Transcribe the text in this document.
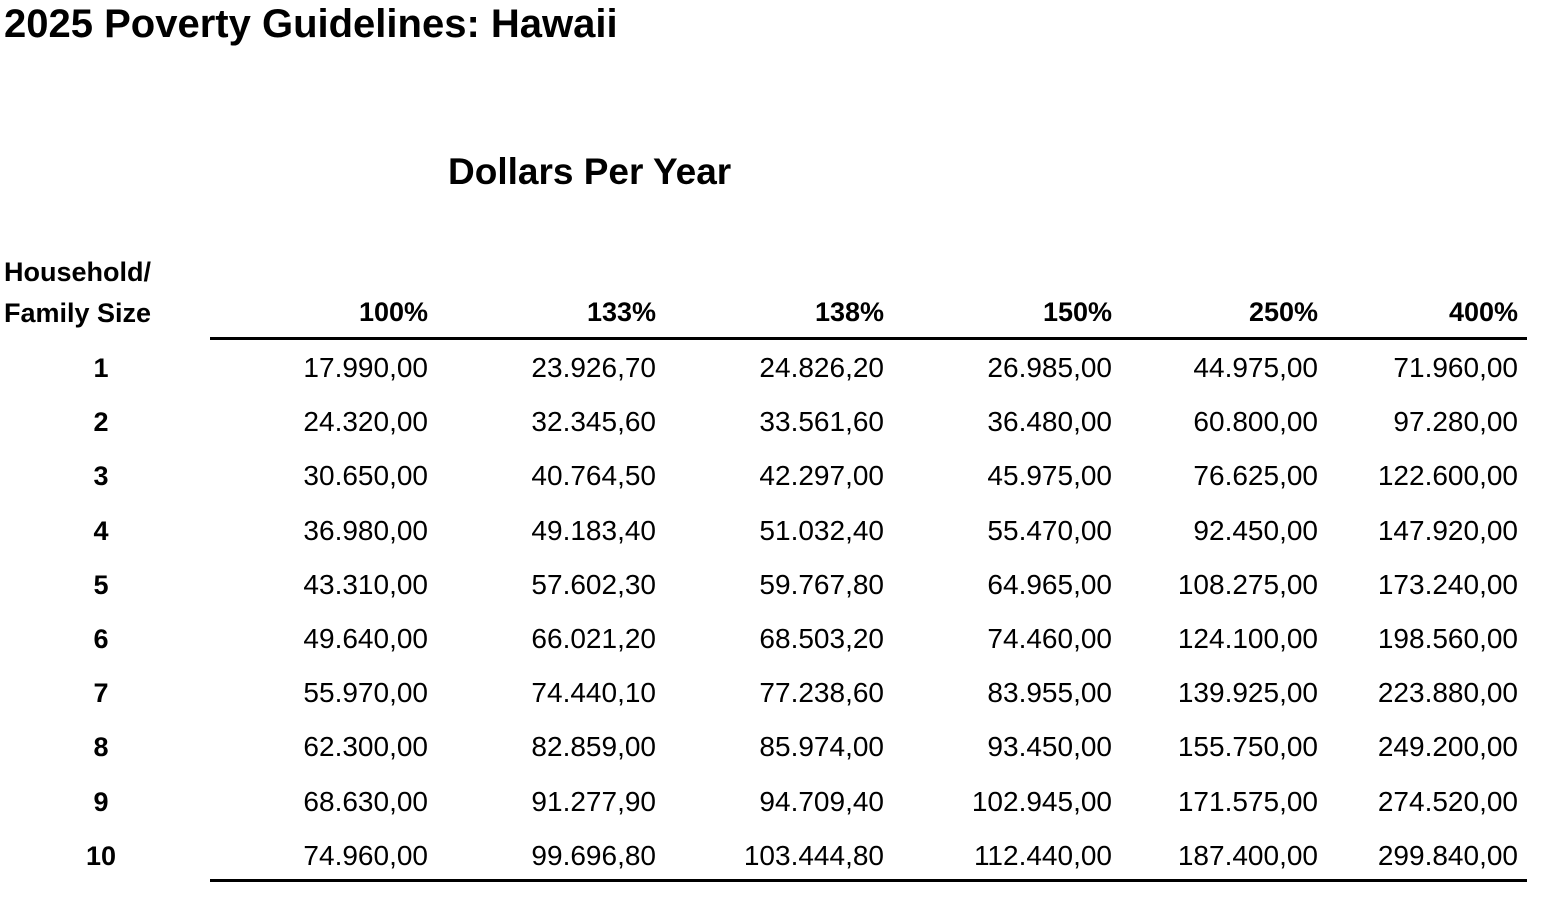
2025 Poverty Guidelines: Hawaii
Dollars Per Year
Household/
Family Size	100%	133%	138%	150%	250%	400%
1	17.990,00	23.926,70	24.826,20	26.985,00	44.975,00	71.960,00
2	24.320,00	32.345,60	33.561,60	36.480,00	60.800,00	97.280,00
3	30.650,00	40.764,50	42.297,00	45.975,00	76.625,00	122.600,00
4	36.980,00	49.183,40	51.032,40	55.470,00	92.450,00	147.920,00
5	43.310,00	57.602,30	59.767,80	64.965,00	108.275,00	173.240,00
6	49.640,00	66.021,20	68.503,20	74.460,00	124.100,00	198.560,00
7	55.970,00	74.440,10	77.238,60	83.955,00	139.925,00	223.880,00
8	62.300,00	82.859,00	85.974,00	93.450,00	155.750,00	249.200,00
9	68.630,00	91.277,90	94.709,40	102.945,00	171.575,00	274.520,00
10	74.960,00	99.696,80	103.444,80	112.440,00	187.400,00	299.840,00
